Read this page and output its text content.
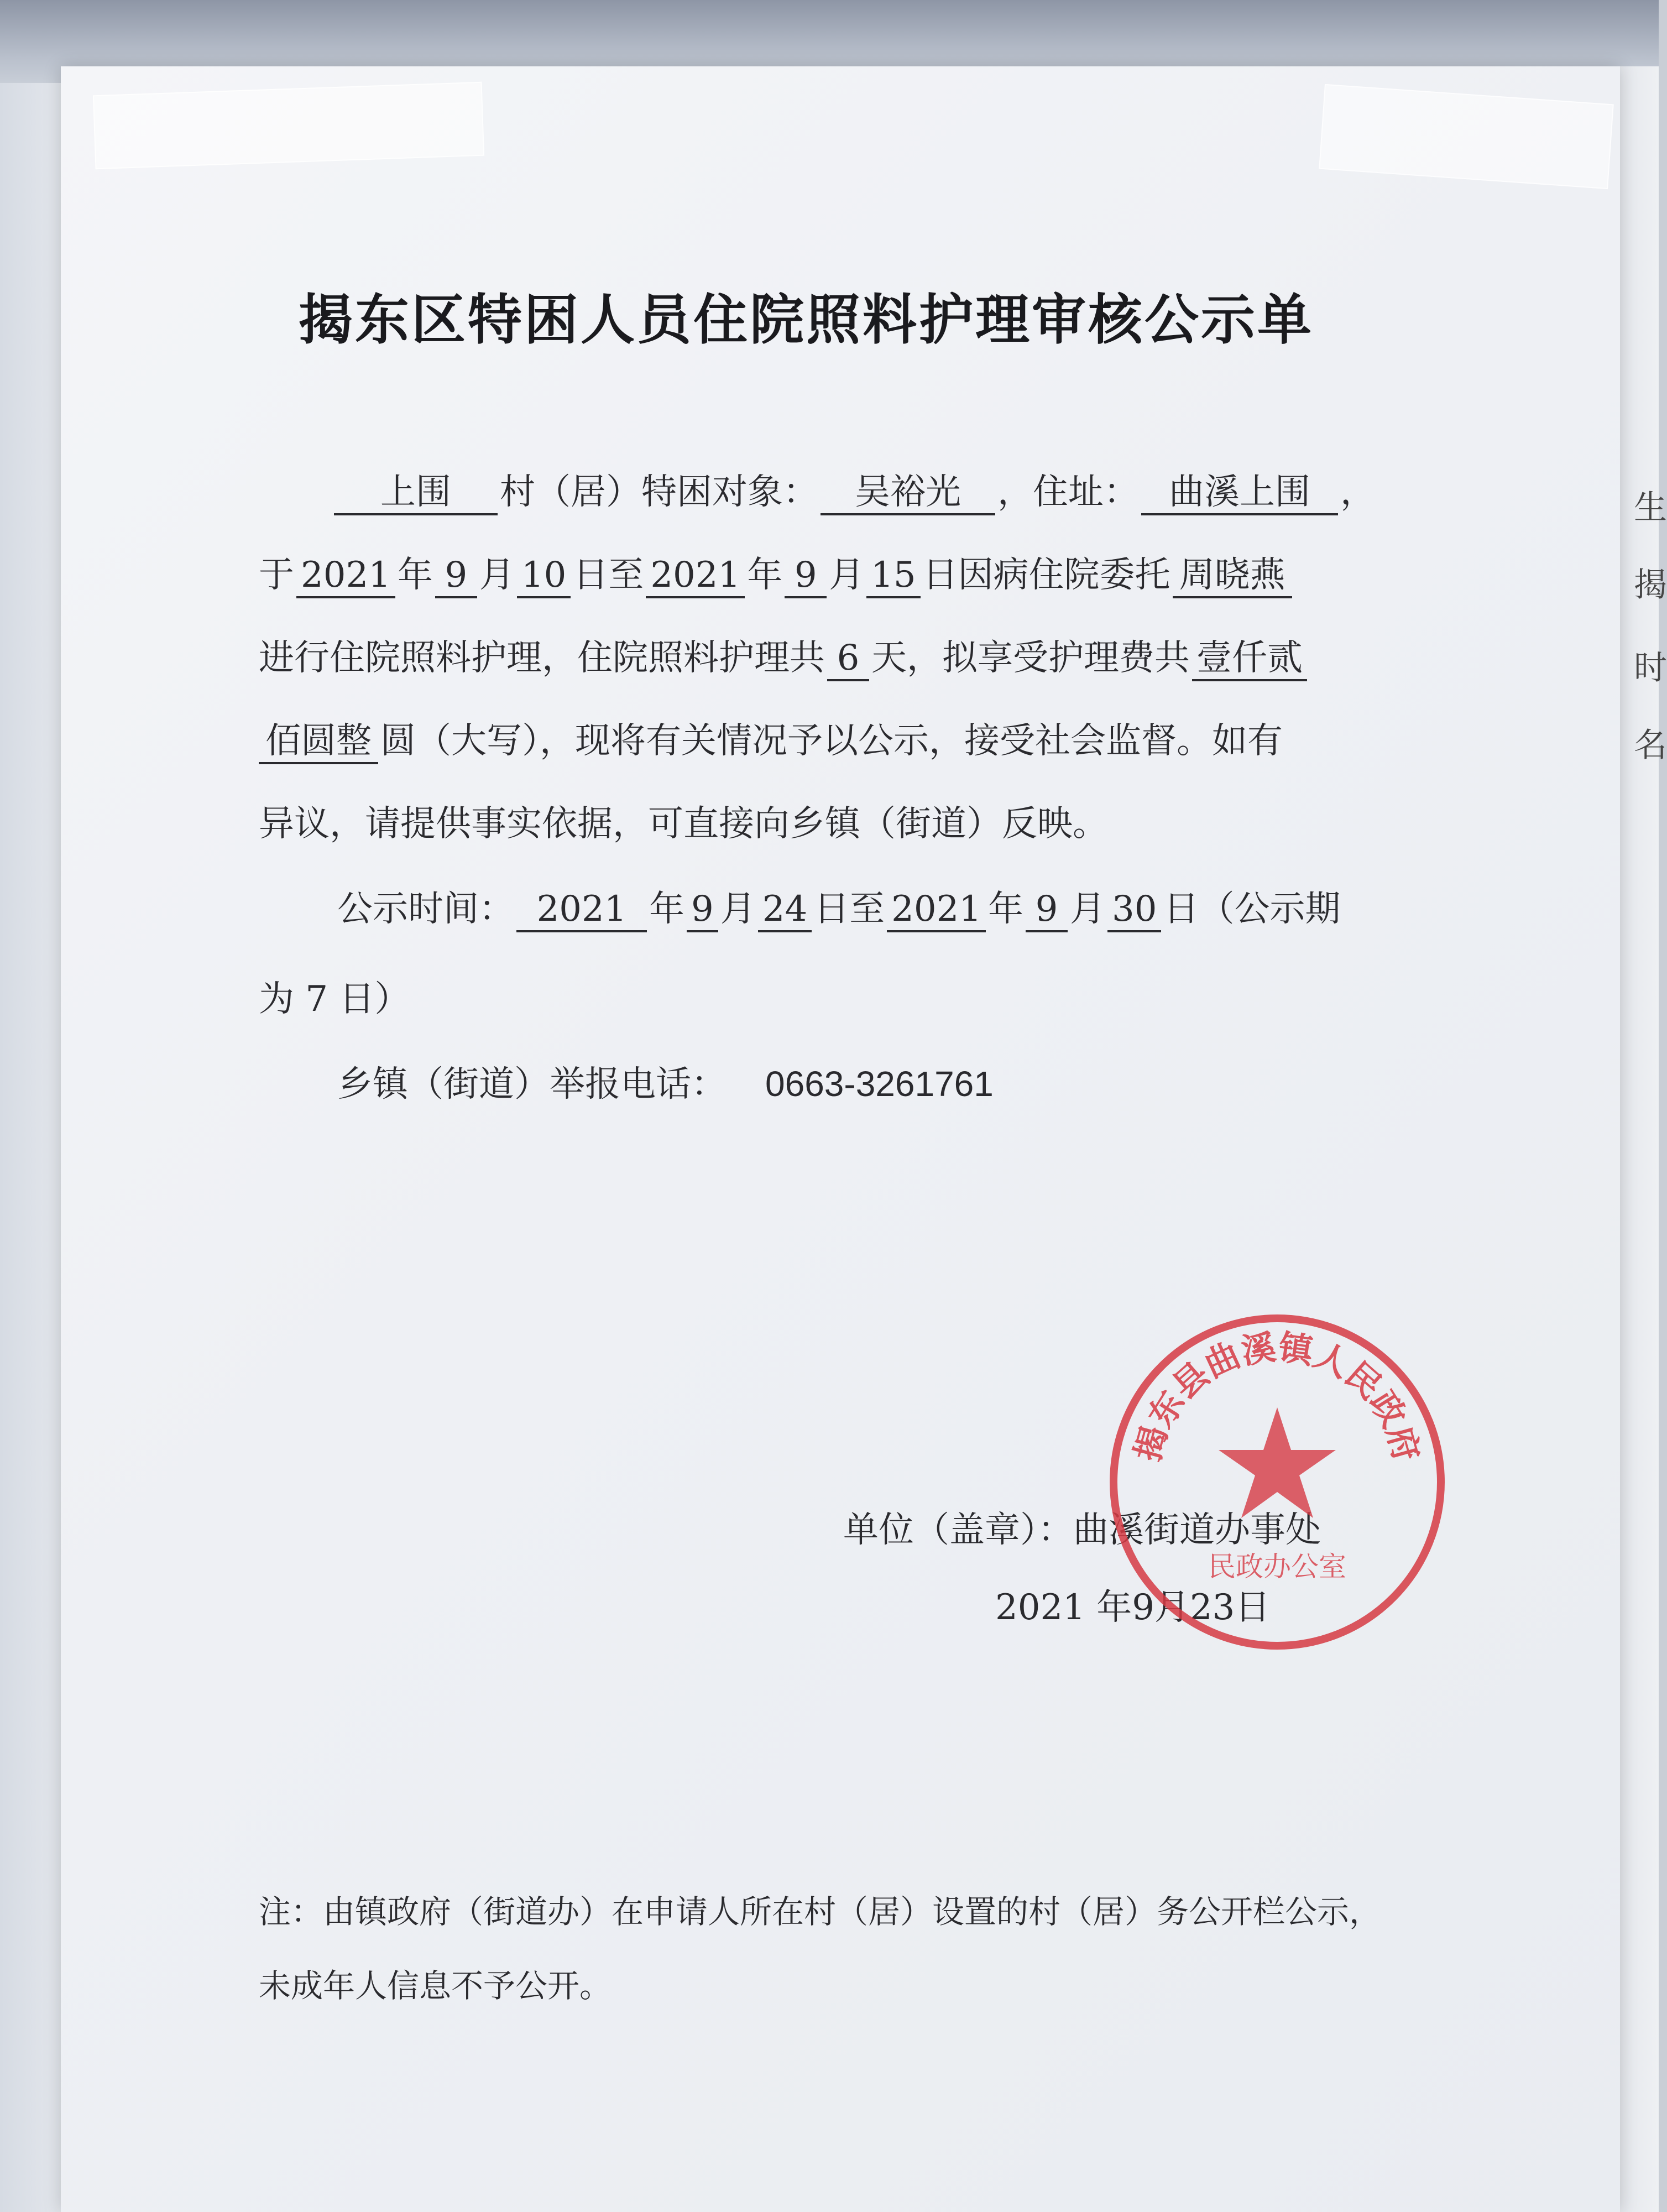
生
揭
时
名
揭东区特困人员住院照料护理审核公示单
上围 村（居）特困对象： 吴裕光 ，住址： 曲溪上围 ，
于 2021 年 9 月 10 日至 2021 年 9 月 15 日因病住院委托 周晓燕
进行住院照料护理，住院照料护理共 6 天，拟享受护理费共 壹仟贰
佰圆整 圆（大写），现将有关情况予以公示，接受社会监督。如有
异议，请提供事实依据，可直接向乡镇（街道）反映。
公示时间： 2021 年 9 月 24 日至 2021 年 9 月 30 日（公示期
为 7 日）
乡镇（街道）举报电话： 0663-3261761
单位（盖章）：曲溪街道办事处
2021 年9月23日
揭东县曲溪镇人民政府
民政办公室
注：由镇政府（街道办）在申请人所在村（居）设置的村（居）务公开栏公示，
未成年人信息不予公开。
